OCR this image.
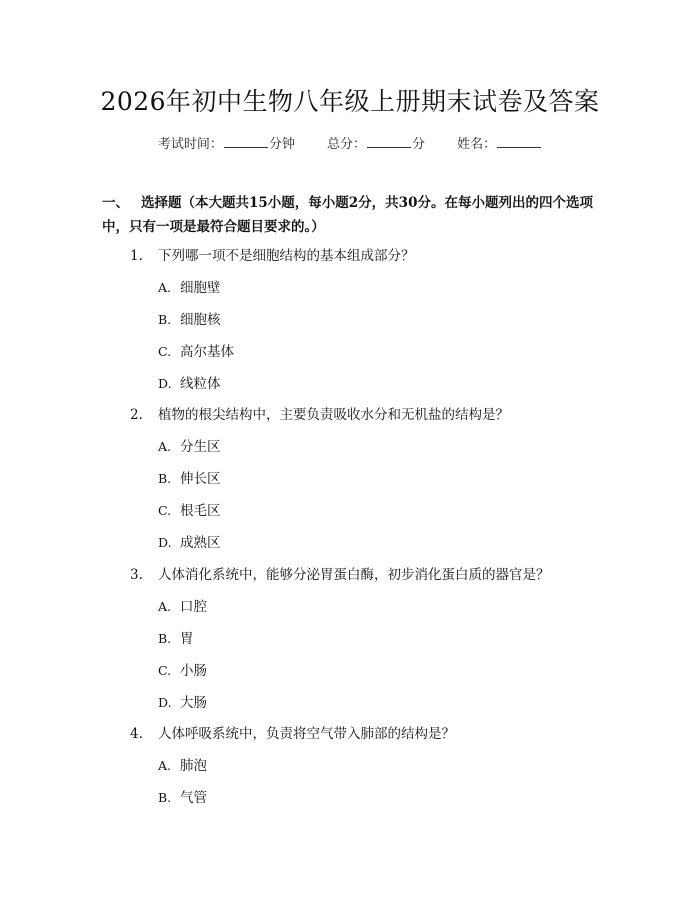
2026年初中生物八年级上册期末试卷及答案
考试时间：	分钟 总分：	分 姓名：
一、 选择题（本大题共15小题，每小题2分，共30分。在每小题列出的四个选项中，只有一项是最符合题目要求的。）
1. 下列哪一项不是细胞结构的基本组成部分？
A. 细胞壁
B. 细胞核
C. 高尔基体
D. 线粒体
2. 植物的根尖结构中，主要负责吸收水分和无机盐的结构是？
A. 分生区
B. 伸长区
C. 根毛区
D. 成熟区
3. 人体消化系统中，能够分泌胃蛋白酶，初步消化蛋白质的器官是？
A. 口腔
B. 胃
C. 小肠
D. 大肠
4. 人体呼吸系统中，负责将空气带入肺部的结构是？
A. 肺泡
B. 气管
